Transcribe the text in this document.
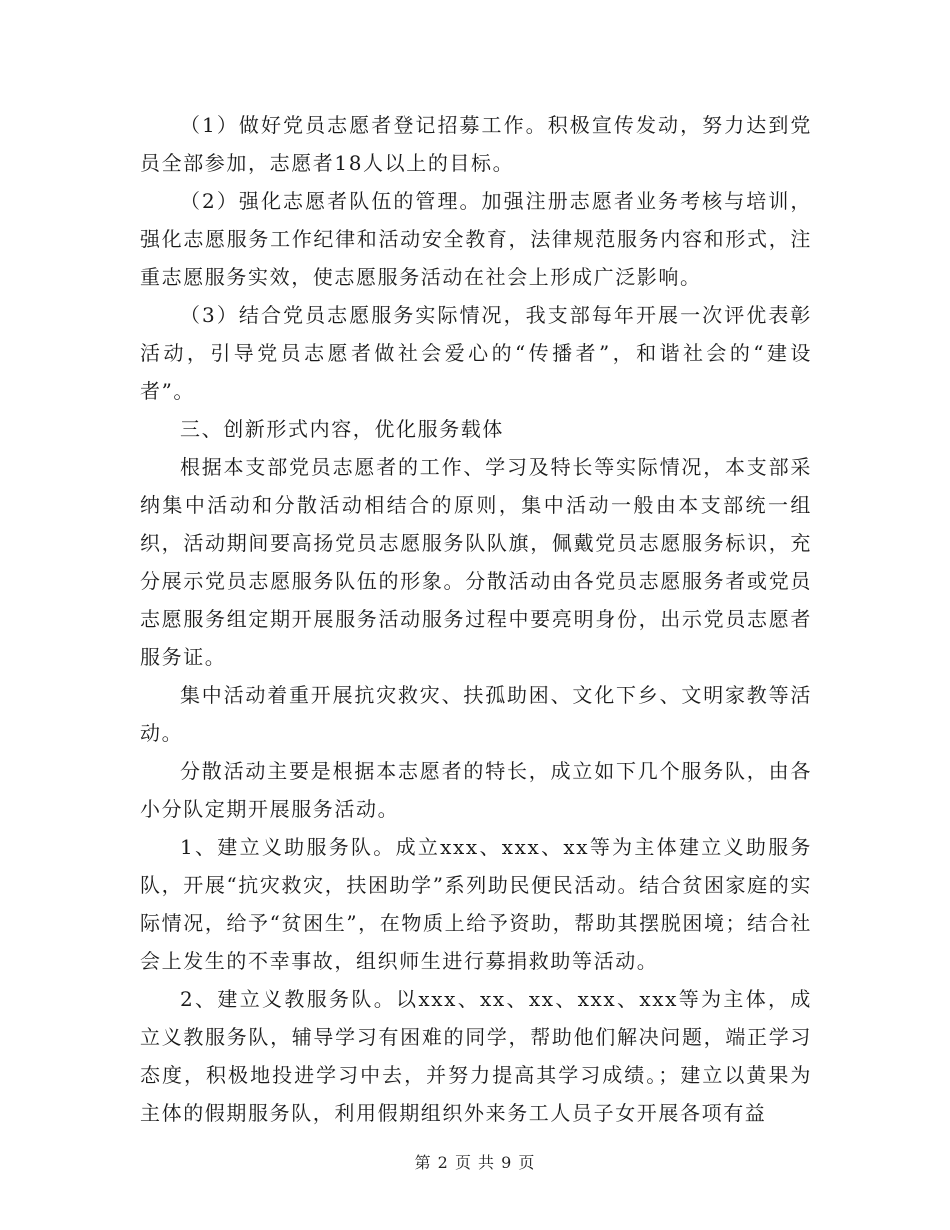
（1）做好党员志愿者登记招募工作。积极宣传发动，努力达到党员全部参加，志愿者18人以上的目标。

（2）强化志愿者队伍的管理。加强注册志愿者业务考核与培训，强化志愿服务工作纪律和活动安全教育，法律规范服务内容和形式，注重志愿服务实效，使志愿服务活动在社会上形成广泛影响。

（3）结合党员志愿服务实际情况，我支部每年开展一次评优表彰活动，引导党员志愿者做社会爱心的“传播者”，和谐社会的“建设者”。

三、创新形式内容，优化服务载体

根据本支部党员志愿者的工作、学习及特长等实际情况，本支部采纳集中活动和分散活动相结合的原则，集中活动一般由本支部统一组织，活动期间要高扬党员志愿服务队队旗，佩戴党员志愿服务标识，充分展示党员志愿服务队伍的形象。分散活动由各党员志愿服务者或党员志愿服务组定期开展服务活动服务过程中要亮明身份，出示党员志愿者服务证。

集中活动着重开展抗灾救灾、扶孤助困、文化下乡、文明家教等活动。

分散活动主要是根据本志愿者的特长，成立如下几个服务队，由各小分队定期开展服务活动。

1、建立义助服务队。成立xxx、xxx、xx等为主体建立义助服务队，开展“抗灾救灾，扶困助学”系列助民便民活动。结合贫困家庭的实际情况，给予“贫困生”，在物质上给予资助，帮助其摆脱困境；结合社会上发生的不幸事故，组织师生进行募捐救助等活动。

2、建立义教服务队。以xxx、xx、xx、xxx、xxx等为主体，成立义教服务队，辅导学习有困难的同学，帮助他们解决问题，端正学习态度，积极地投进学习中去，并努力提高其学习成绩。；建立以黄果为主体的假期服务队，利用假期组织外来务工人员子女开展各项有益

第 2 页 共 9 页
